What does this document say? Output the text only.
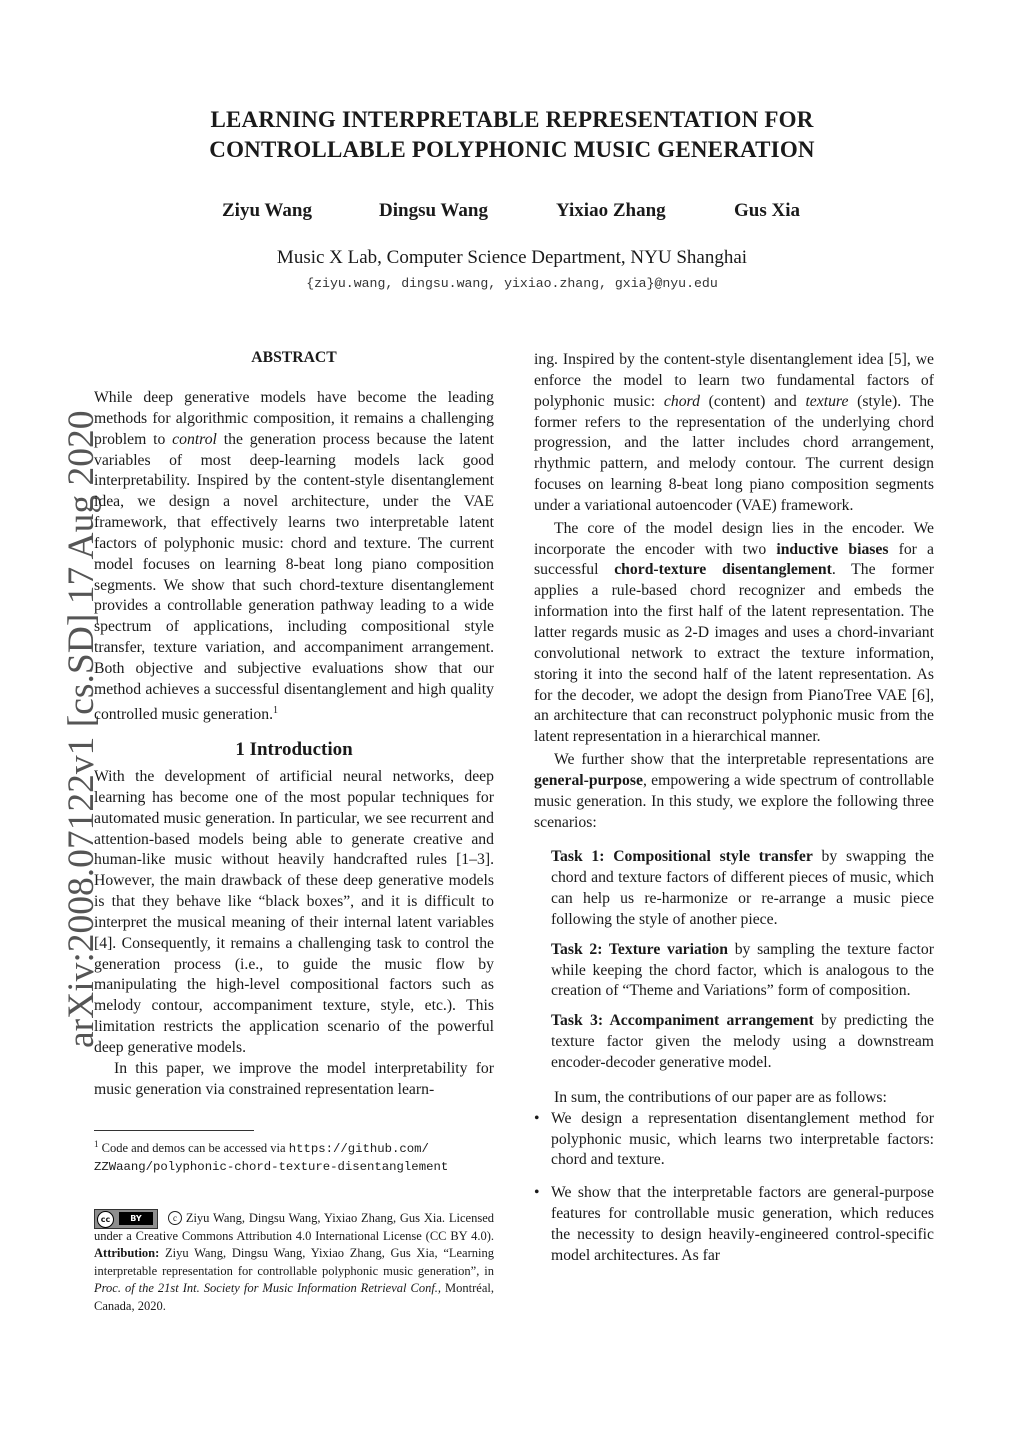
LEARNING INTERPRETABLE REPRESENTATION FOR
CONTROLLABLE POLYPHONIC MUSIC GENERATION
Ziyu Wang	Dingsu Wang	Yixiao Zhang	Gus Xia
Music X Lab, Computer Science Department, NYU Shanghai
{ziyu.wang, dingsu.wang, yixiao.zhang, gxia}@nyu.edu
arXiv:2008.07122v1 [cs.SD] 17 Aug 2020
ABSTRACT

While deep generative models have become the leading methods for algorithmic composition, it remains a challenging problem to control the generation process because the latent variables of most deep-learning models lack good interpretability. Inspired by the content-style disentanglement idea, we design a novel architecture, under the VAE framework, that effectively learns two interpretable latent factors of polyphonic music: chord and texture. The current model focuses on learning 8-beat long piano composition segments. We show that such chord-texture disentanglement provides a controllable generation pathway leading to a wide spectrum of applications, including compositional style transfer, texture variation, and accompaniment arrangement. Both objective and subjective evaluations show that our method achieves a successful disentanglement and high quality controlled music generation.$^1$

1 Introduction

With the development of artificial neural networks, deep learning has become one of the most popular techniques for automated music generation. In particular, we see recurrent and attention-based models being able to generate creative and human-like music without heavily handcrafted rules [1–3]. However, the main drawback of these deep generative models is that they behave like “black boxes”, and it is difficult to interpret the musical meaning of their internal latent variables [4]. Consequently, it remains a challenging task to control the generation process (i.e., to guide the music flow by manipulating the high-level compositional factors such as melody contour, accompaniment texture, style, etc.). This limitation restricts the application scenario of the powerful deep generative models.

In this paper, we improve the model interpretability for music generation via constrained representation learn-

$^1$ Code and demos can be accessed via https://github.com/
ZZWaang/polyphonic-chord-texture-disentanglement
cc	BY	c Ziyu Wang, Dingsu Wang, Yixiao Zhang, Gus Xia. Licensed under a Creative Commons Attribution 4.0 International License (CC BY 4.0). Attribution: Ziyu Wang, Dingsu Wang, Yixiao Zhang, Gus Xia, “Learning interpretable representation for controllable polyphonic music generation”, in Proc. of the 21st Int. Society for Music Information Retrieval Conf., Montréal, Canada, 2020.

ing. Inspired by the content-style disentanglement idea [5], we enforce the model to learn two fundamental factors of polyphonic music: chord (content) and texture (style). The former refers to the representation of the underlying chord progression, and the latter includes chord arrangement, rhythmic pattern, and melody contour. The current design focuses on learning 8-beat long piano composition segments under a variational autoencoder (VAE) framework.

The core of the model design lies in the encoder. We incorporate the encoder with two inductive biases for a successful chord-texture disentanglement. The former applies a rule-based chord recognizer and embeds the information into the first half of the latent representation. The latter regards music as 2-D images and uses a chord-invariant convolutional network to extract the texture information, storing it into the second half of the latent representation. As for the decoder, we adopt the design from PianoTree VAE [6], an architecture that can reconstruct polyphonic music from the latent representation in a hierarchical manner.

We further show that the interpretable representations are general-purpose, empowering a wide spectrum of controllable music generation. In this study, we explore the following three scenarios:

Task 1: Compositional style transfer by swapping the chord and texture factors of different pieces of music, which can help us re-harmonize or re-arrange a music piece following the style of another piece.

Task 2: Texture variation by sampling the texture factor while keeping the chord factor, which is analogous to the creation of “Theme and Variations” form of composition.

Task 3: Accompaniment arrangement by predicting the texture factor given the melody using a downstream encoder-decoder generative model.

In sum, the contributions of our paper are as follows:

• We design a representation disentanglement method for polyphonic music, which learns two interpretable factors: chord and texture.

• We show that the interpretable factors are general-purpose features for controllable music generation, which reduces the necessity to design heavily-engineered control-specific model architectures. As far
